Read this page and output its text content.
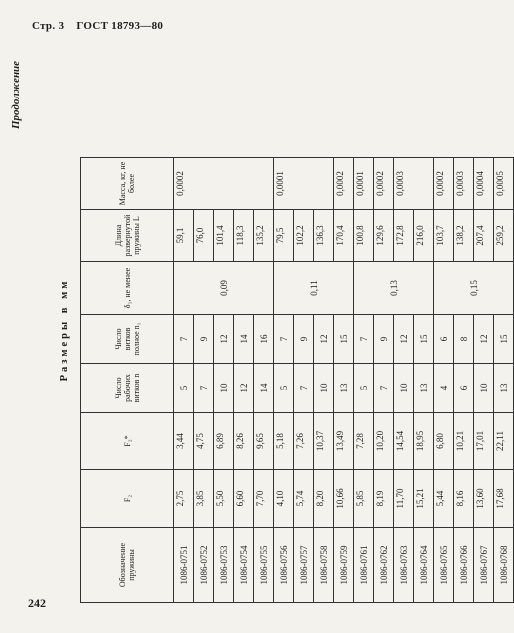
Стр. 3 ГОСТ 18793—80
Продолжение
Размеры в мм
Обозначение пружины	F₂	F₂*	Число рабочих витков n	Число витков полное n₁	δ₁, не менее	Длина развернутой пружины L	Масса, кг, не более
1086-0751	2,75	3,44	5	7	0,09	59,1	0,0002
1086-0752	3,85	4,75	7	9		76,0	
1086-0753	5,50	6,89	10	12		101,4	
1086-0754	6,60	8,26	12	14		118,3	
1086-0755	7,70	9,65	14	16		135,2	
1086-0756	4,10	5,18	5	7	0,11	79,5	0,0001
1086-0757	5,74	7,26	7	9		102,2	
1086-0758	8,20	10,37	10	12		136,3	
1086-0759	10,66	13,49	13	15		170,4	0,0002
1086-0761	5,85	7,28	5	7	0,13	100,8	0,0001
1086-0762	8,19	10,20	7	9		129,6	0,0002
1086-0763	11,70	14,54	10	12		172,8	0,0003
1086-0764	15,21	18,95	13	15		216,0	
1086-0765	5,44	6,80	4	6	0,15	103,7	0,0002
1086-0766	8,16	10,21	6	8		138,2	0,0003
1086-0767	13,60	17,01	10	12		207,4	0,0004
1086-0768	17,68	22,11	13	15		259,2	0,0005
242
